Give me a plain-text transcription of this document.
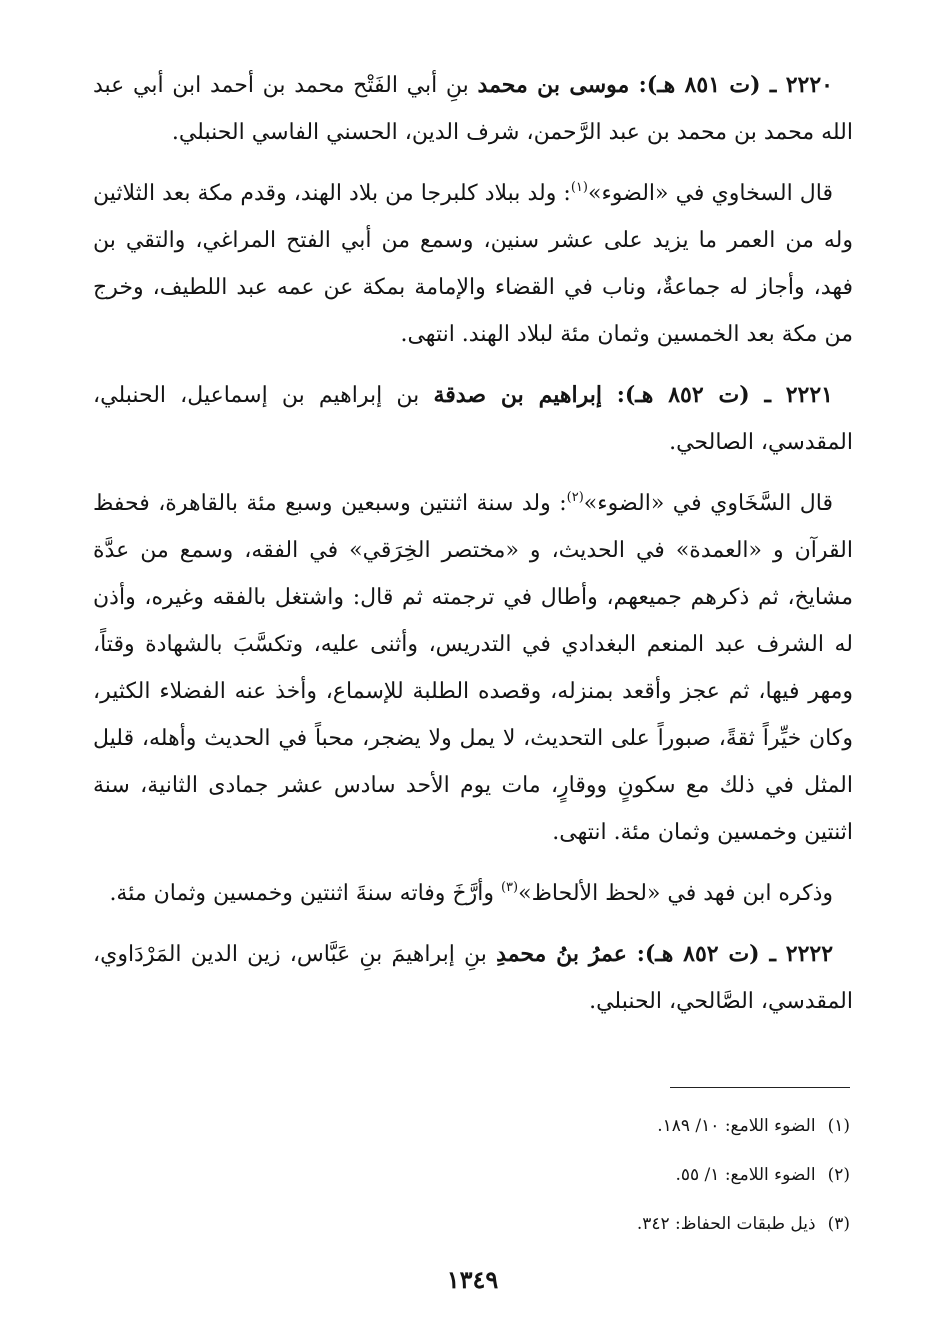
٢٢٢٠ ـ (ت ٨٥١ هـ): موسى بن محمد بنِ أبي الفَتْح محمد بن أحمد ابن أبي عبد الله محمد بن محمد بن عبد الرَّحمن، شرف الدين، الحسني الفاسي الحنبلي.

قال السخاوي في «الضوء»$^{(١)}$: ولد ببلاد كلبرجا من بلاد الهند، وقدم مكة بعد الثلاثين وله من العمر ما يزيد على عشر سنين، وسمع من أبي الفتح المراغي، والتقي بن فهد، وأجاز له جماعةٌ، وناب في القضاء والإمامة بمكة عن عمه عبد اللطيف، وخرج من مكة بعد الخمسين وثمان مئة لبلاد الهند. انتهى.

٢٢٢١ ـ (ت ٨٥٢ هـ): إبراهيم بن صدقة بن إبراهيم بن إسماعيل، الحنبلي، المقدسي، الصالحي.

قال السَّخَاوي في «الضوء»$^{(٢)}$: ولد سنة اثنتين وسبعين وسبع مئة بالقاهرة، فحفظ القرآن و «العمدة» في الحديث، و «مختصر الخِرَقي» في الفقه، وسمع من عدَّة مشايخ، ثم ذكرهم جميعهم، وأطال في ترجمته ثم قال: واشتغل بالفقه وغيره، وأذن له الشرف عبد المنعم البغدادي في التدريس، وأثنى عليه، وتكسَّبَ بالشهادة وقتاً، ومهر فيها، ثم عجز وأقعد بمنزله، وقصده الطلبة للإسماع، وأخذ عنه الفضلاء الكثير، وكان خيِّراً ثقةً، صبوراً على التحديث، لا يمل ولا يضجر، محباً في الحديث وأهله، قليل المثل في ذلك مع سكونٍ ووقارٍ، مات يوم الأحد سادس عشر جمادى الثانية، سنة اثنتين وخمسين وثمان مئة. انتهى.

وذكره ابن فهد في «لحظ الألحاظ»$^{(٣)}$ وأرَّخَ وفاته سنةَ اثنتين وخمسين وثمان مئة.

٢٢٢٢ ـ (ت ٨٥٢ هـ): عمرُ بنُ محمدِ بنِ إبراهيمَ بنِ عَبَّاس، زين الدين المَرْدَاوي، المقدسي، الصَّالحي، الحنبلي.

(١)الضوء اللامع: ١٠/ ١٨٩.

(٢)الضوء اللامع: ١/ ٥٥.

(٣)ذيل طبقات الحفاظ: ٣٤٢.

١٣٤٩
